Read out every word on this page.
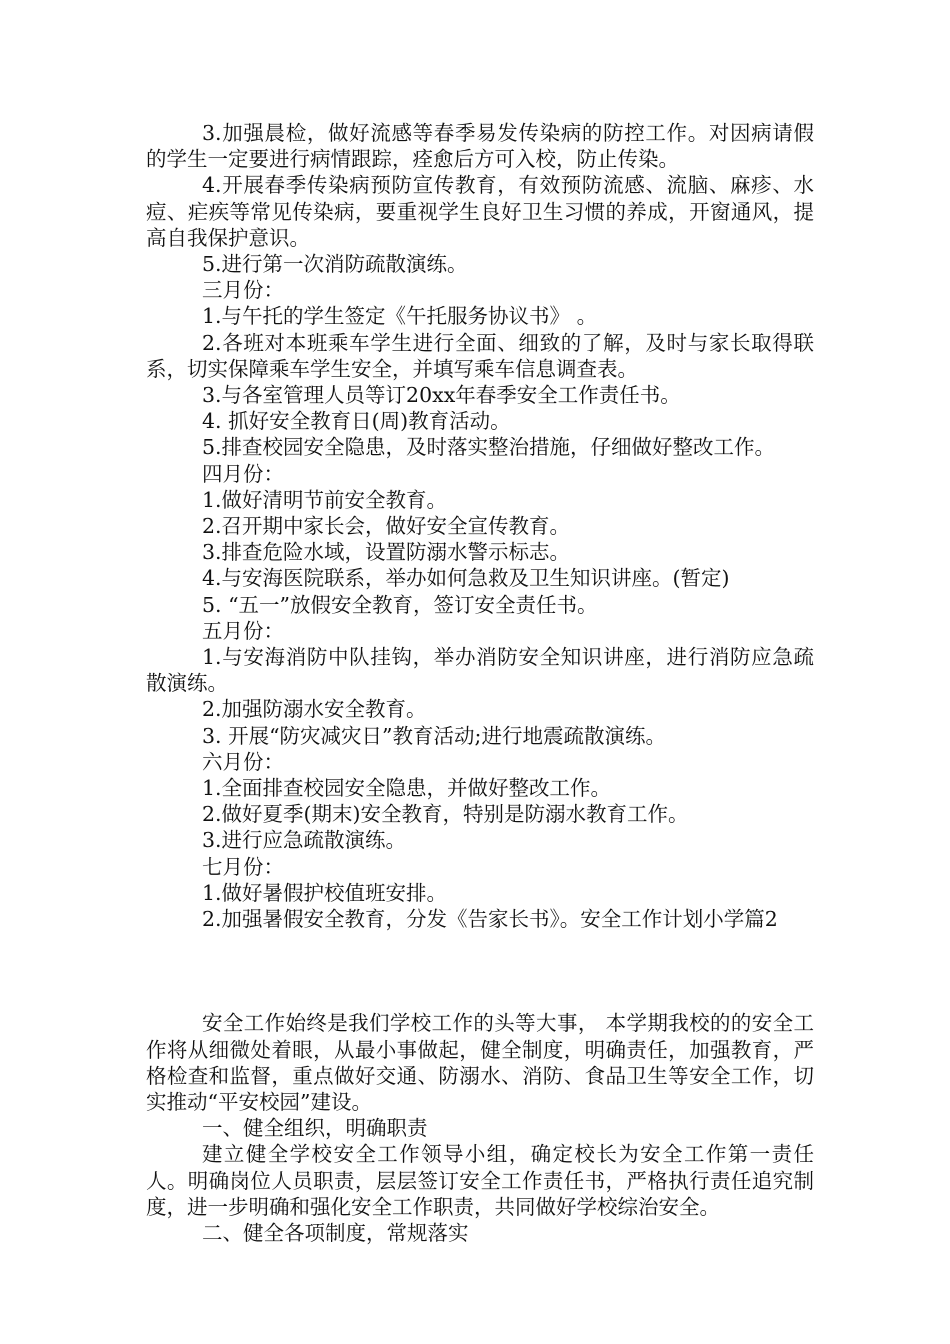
3.加强晨检，做好流感等春季易发传染病的防控工作。对因病请假的学生一定要进行病情跟踪，痊愈后方可入校，防止传染。

4.开展春季传染病预防宣传教育，有效预防流感、流脑、麻疹、水痘、疟疾等常见传染病，要重视学生良好卫生习惯的养成，开窗通风，提高自我保护意识。

5.进行第一次消防疏散演练。

三月份：

1.与午托的学生签定《午托服务协议书》 。

2.各班对本班乘车学生进行全面、细致的了解，及时与家长取得联系，切实保障乘车学生安全，并填写乘车信息调查表。

3.与各室管理人员等订20xx年春季安全工作责任书。

4. 抓好安全教育日(周)教育活动。

5.排查校园安全隐患，及时落实整治措施，仔细做好整改工作。

四月份：

1.做好清明节前安全教育。

2.召开期中家长会，做好安全宣传教育。

3.排查危险水域，设置防溺水警示标志。

4.与安海医院联系，举办如何急救及卫生知识讲座。(暂定)

5. “五一”放假安全教育，签订安全责任书。

五月份：

1.与安海消防中队挂钩，举办消防安全知识讲座，进行消防应急疏散演练。

2.加强防溺水安全教育。

3. 开展“防灾减灾日”教育活动;进行地震疏散演练。

六月份：

1.全面排查校园安全隐患，并做好整改工作。

2.做好夏季(期末)安全教育，特别是防溺水教育工作。

3.进行应急疏散演练。

七月份：

1.做好暑假护校值班安排。

2.加强暑假安全教育，分发《告家长书》。安全工作计划小学篇2

安全工作始终是我们学校工作的头等大事， 本学期我校的的安全工作将从细微处着眼，从最小事做起，健全制度，明确责任，加强教育，严格检查和监督，重点做好交通、防溺水、消防、食品卫生等安全工作，切实推动“平安校园”建设。

一、健全组织，明确职责

建立健全学校安全工作领导小组，确定校长为安全工作第一责任人。明确岗位人员职责，层层签订安全工作责任书，严格执行责任追究制度，进一步明确和强化安全工作职责，共同做好学校综治安全。

二、健全各项制度，常规落实
